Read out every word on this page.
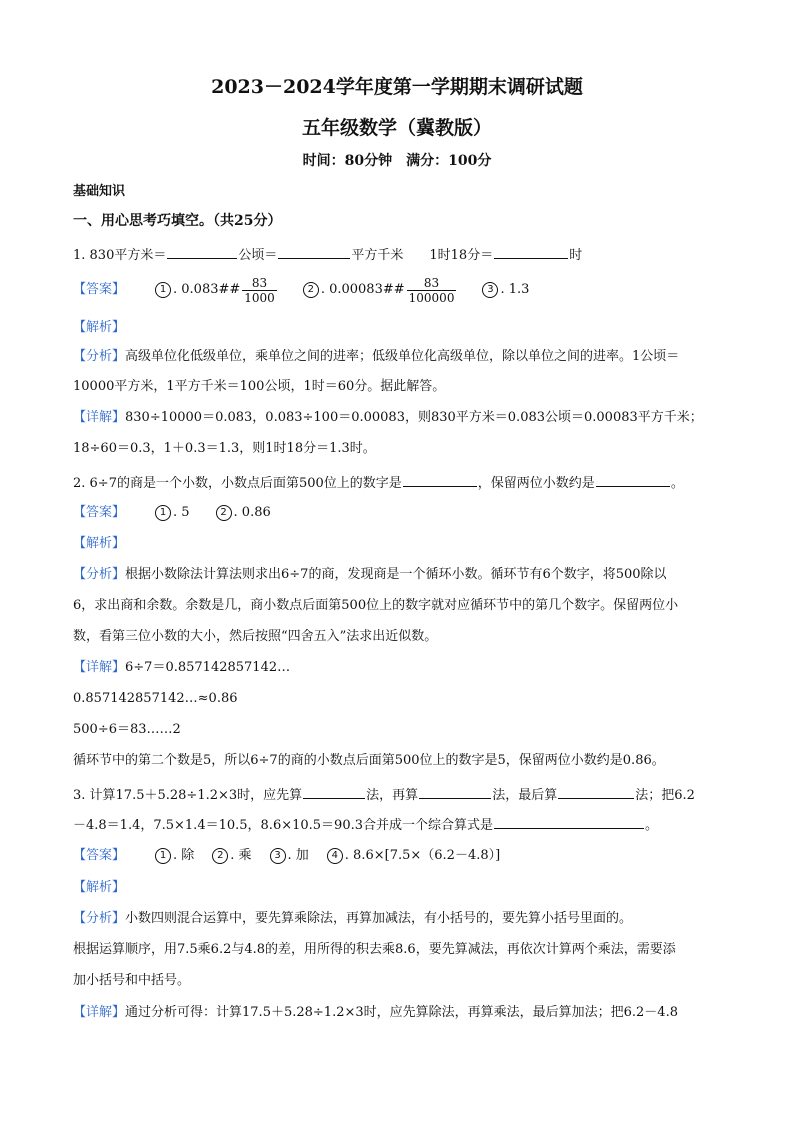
2023－2024学年度第一学期期末调研试题
五年级数学（冀教版）
时间：80分钟　满分：100分
基础知识
一、用心思考巧填空。（共25分）
1. 830平方米＝	公顷＝	平方千米　　1时18分＝	时
【答案】	1 . 0.083## $\frac{83}{1000}$	2 . 0.00083## $\frac{83}{100000}$	3 . 1.3
【解析】
【分析】高级单位化低级单位，乘单位之间的进率；低级单位化高级单位，除以单位之间的进率。1公顷＝
10000平方米，1平方千米＝100公顷，1时＝60分。据此解答。
【详解】830÷10000＝0.083，0.083÷100＝0.00083，则830平方米＝0.083公顷＝0.00083平方千米；
18÷60＝0.3，1＋0.3＝1.3，则1时18分＝1.3时。
2. 6÷7的商是一个小数，小数点后面第500位上的数字是	，保留两位小数约是	。
【答案】	1 . 5	2 . 0.86
【解析】
【分析】根据小数除法计算法则求出6÷7的商，发现商是一个循环小数。循环节有6个数字，将500除以
6，求出商和余数。余数是几，商小数点后面第500位上的数字就对应循环节中的第几个数字。保留两位小
数，看第三位小数的大小，然后按照“四舍五入”法求出近似数。
【详解】6÷7＝0.857142857142…
0.857142857142…≈0.86
500÷6＝83……2
循环节中的第二个数是5，所以6÷7的商的小数点后面第500位上的数字是5，保留两位小数约是0.86。
3. 计算17.5＋5.28÷1.2×3时，应先算	法，再算	法，最后算	法；把6.2
－4.8＝1.4，7.5×1.4＝10.5，8.6×10.5＝90.3合并成一个综合算式是	。
【答案】	1 . 除	2 . 乘	3 . 加	4 . 8.6×[7.5×（6.2－4.8）]
【解析】
【分析】小数四则混合运算中，要先算乘除法，再算加减法，有小括号的，要先算小括号里面的。
根据运算顺序，用7.5乘6.2与4.8的差，用所得的积去乘8.6，要先算减法，再依次计算两个乘法，需要添
加小括号和中括号。
【详解】通过分析可得：计算17.5＋5.28÷1.2×3时，应先算除法，再算乘法，最后算加法；把6.2－4.8
